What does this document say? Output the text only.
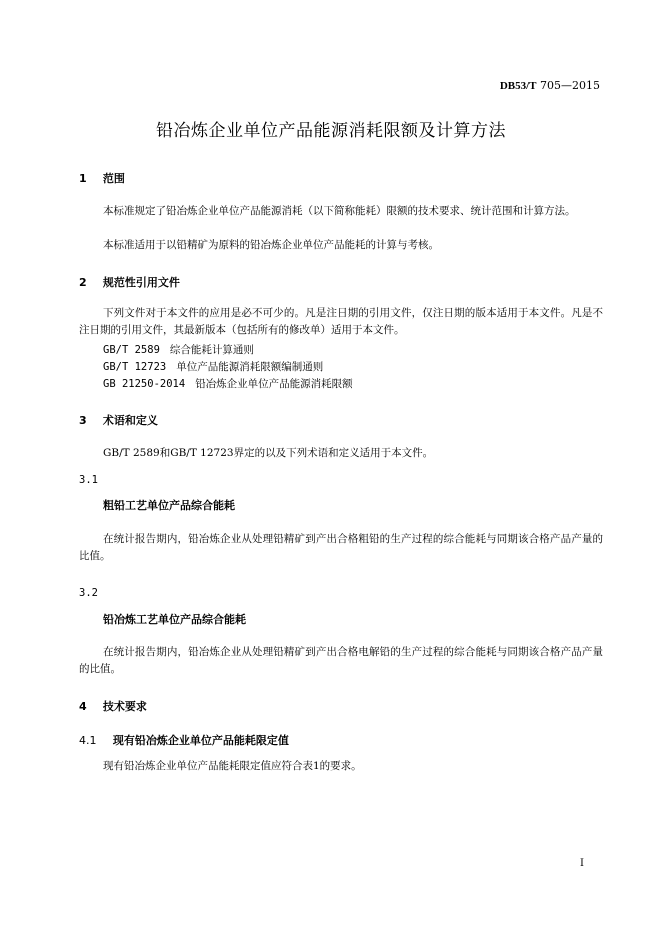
DB53/T 705—2015
铅冶炼企业单位产品能源消耗限额及计算方法
1 范围
本标准规定了铅冶炼企业单位产品能源消耗（以下简称能耗）限额的技术要求、统计范围和计算方法。
本标准适用于以铅精矿为原料的铅冶炼企业单位产品能耗的计算与考核。
2 规范性引用文件
下列文件对于本文件的应用是必不可少的。凡是注日期的引用文件，仅注日期的版本适用于本文件。凡是不注日期的引用文件，其最新版本（包括所有的修改单）适用于本文件。
GB/T 2589 综合能耗计算通则
GB/T 12723 单位产品能源消耗限额编制通则
GB 21250-2014 铅冶炼企业单位产品能源消耗限额
3 术语和定义
GB/T 2589和GB/T 12723界定的以及下列术语和定义适用于本文件。
3.1
粗铅工艺单位产品综合能耗
在统计报告期内，铅冶炼企业从处理铅精矿到产出合格粗铅的生产过程的综合能耗与同期该合格产品产量的比值。
3.2
铅冶炼工艺单位产品综合能耗
在统计报告期内，铅冶炼企业从处理铅精矿到产出合格电解铅的生产过程的综合能耗与同期该合格产品产量的比值。
4 技术要求
4.1 现有铅冶炼企业单位产品能耗限定值
现有铅冶炼企业单位产品能耗限定值应符合表1的要求。
I
